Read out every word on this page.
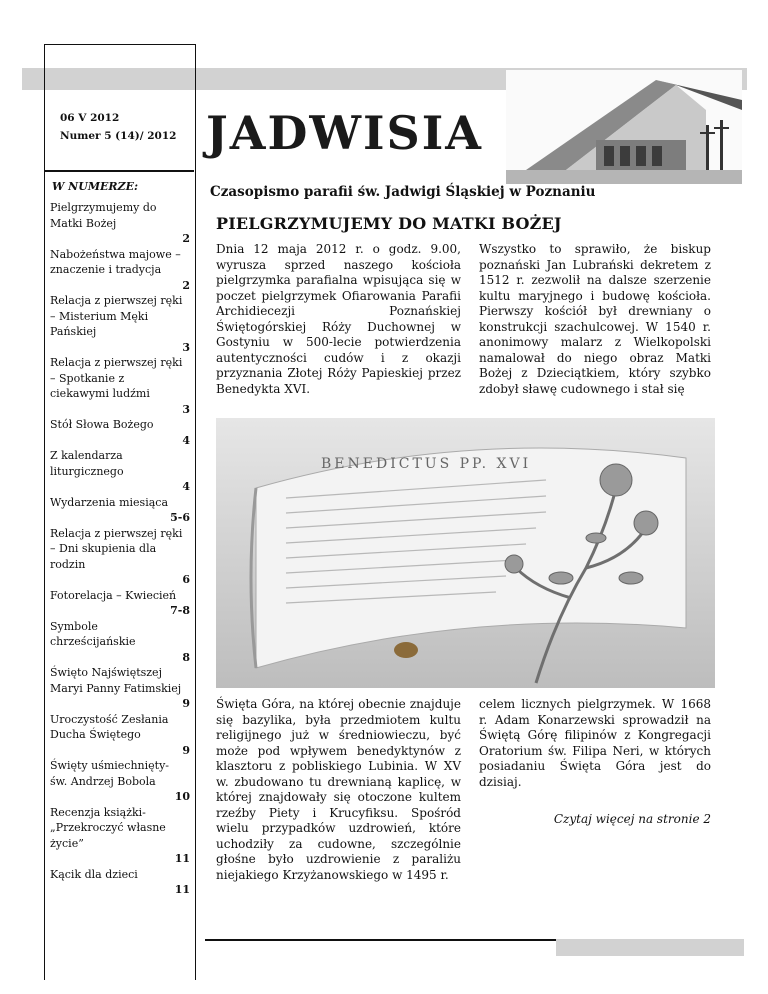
06 V 2012
Numer 5 (14)/ 2012 JADWISIA
W NUMERZE:
Pielgrzymujemy do Matki Bożej
2
Nabożeństwa majowe – znaczenie i tradycja
2
Relacja z pierwszej ręki – Misterium Męki Pańskiej
3
Relacja z pierwszej ręki – Spotkanie z ciekawymi ludźmi
3
Stół Słowa Bożego
4
Z kalendarza liturgicznego
4
Wydarzenia miesiąca
5-6
Relacja z pierwszej ręki – Dni skupienia dla rodzin
6
Fotorelacja – Kwiecień
7-8
Symbole chrześcijańskie
8
Święto Najświętszej Maryi Panny Fatimskiej
9
Uroczystość Zesłania Ducha Świętego
9
Święty uśmiechnięty- św. Andrzej Bobola
10
Recenzja książki- „Przekroczyć własne życie”
11
Kącik dla dzieci
11
Czasopismo parafii św. Jadwigi Śląskiej w Poznaniu
PIELGRZYMUJEMY DO MATKI BOŻEJ
Dnia 12 maja 2012 r. o godz. 9.00, wyrusza sprzed naszego kościoła pielgrzymka parafialna wpisująca się w poczet pielgrzymek Ofiarowania Parafii Archidiecezji Poznańskiej Świętogórskiej Róży Duchownej w Gostyniu w 500-lecie potwierdzenia autentyczności cudów i z okazji przyznania Złotej Róży Papieskiej przez Benedykta XVI.
Wszystko to sprawiło, że biskup poznański Jan Lubrański dekretem z 1512 r. zezwolił na dalsze szerzenie kultu maryjnego i budowę kościoła. Pierwszy kościół był drewniany o konstrukcji szachulcowej. W 1540 r. anonimowy malarz z Wielkopolski namalował do niego obraz Matki Bożej z Dzieciątkiem, który szybko zdobył sławę cudownego i stał się
BENEDICTUS PP. XVI
Święta Góra, na której obecnie znajduje się bazylika, była przedmiotem kultu religijnego już w średniowieczu, być może pod wpływem benedyktynów z klasztoru z pobliskiego Lubinia. W XV w. zbudowano tu drewnianą kaplicę, w której znajdowały się otoczone kultem rzeźby Piety i Krucyfiksu. Spośród wielu przypadków uzdrowień, które uchodziły za cudowne, szczególnie głośne było uzdrowienie z paraliżu niejakiego Krzyżanowskiego w 1495 r.
celem licznych pielgrzymek. W 1668 r. Adam Konarzewski sprowadził na Świętą Górę filipinów z Kongregacji Oratorium św. Filipa Neri, w których posiadaniu Święta Góra jest do dzisiaj.
Czytaj więcej na stronie 2
